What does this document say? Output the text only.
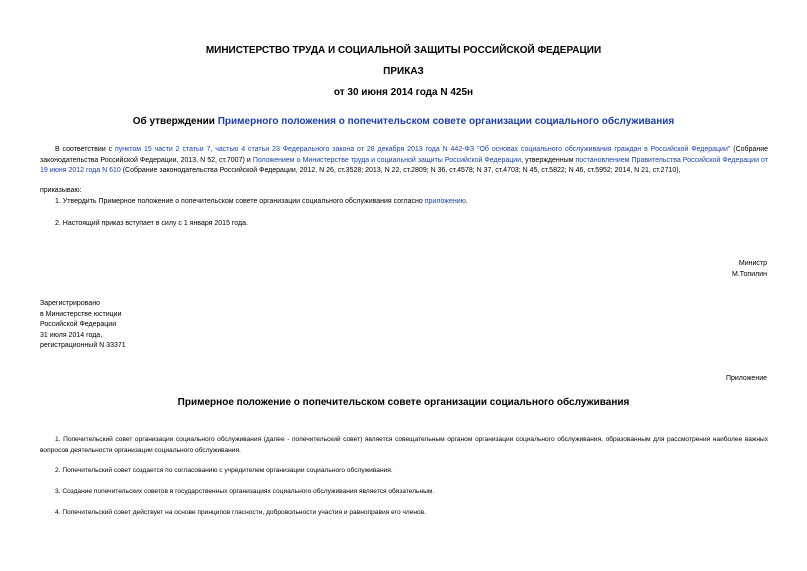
МИНИСТЕРСТВО ТРУДА И СОЦИАЛЬНОЙ ЗАЩИТЫ РОССИЙСКОЙ ФЕДЕРАЦИИ
ПРИКАЗ
от 30 июня 2014 года N 425н
Об утверждении Примерного положения о попечительском совете организации социального обслуживания
В соответствии с пунктом 15 части 2 статьи 7, частью 4 статьи 23 Федерального закона от 28 декабря 2013 года N 442-ФЗ "Об основах социального обслуживания граждан в Российской Федерации" (Собрание законодательства Российской Федерации, 2013, N 52, ст.7007) и Положением о Министерстве труда и социальной защиты Российской Федерации, утвержденным постановлением Правительства Российской Федерации от 19 июня 2012 года N 610 (Собрание законодательства Российской Федерации, 2012, N 26, ст.3528; 2013, N 22, ст.2809; N 36, ст.4578; N 37, ст.4703; N 45, ст.5822; N 46, ст.5952; 2014, N 21, ст.2710),
приказываю:
1. Утвердить Примерное положение о попечительском совете организации социального обслуживания согласно приложению.
2. Настоящий приказ вступает в силу с 1 января 2015 года.
Министр
М.Топилин
Зарегистрировано
в Министерстве юстиции
Российской Федерации
31 июля 2014 года,
регистрационный N 33371
Приложение
Примерное положение о попечительском совете организации социального обслуживания
1. Попечительский совет организации социального обслуживания (далее - попечительский совет) является совещательным органом организации социального обслуживания, образованным для рассмотрения наиболее важных вопросов деятельности организации социального обслуживания.
2. Попечительский совет создается по согласованию с учредителем организации социального обслуживания.
3. Создание попечительских советов в государственных организациях социального обслуживания является обязательным.
4. Попечительский совет действует на основе принципов гласности, добровольности участия и равноправия его членов.
